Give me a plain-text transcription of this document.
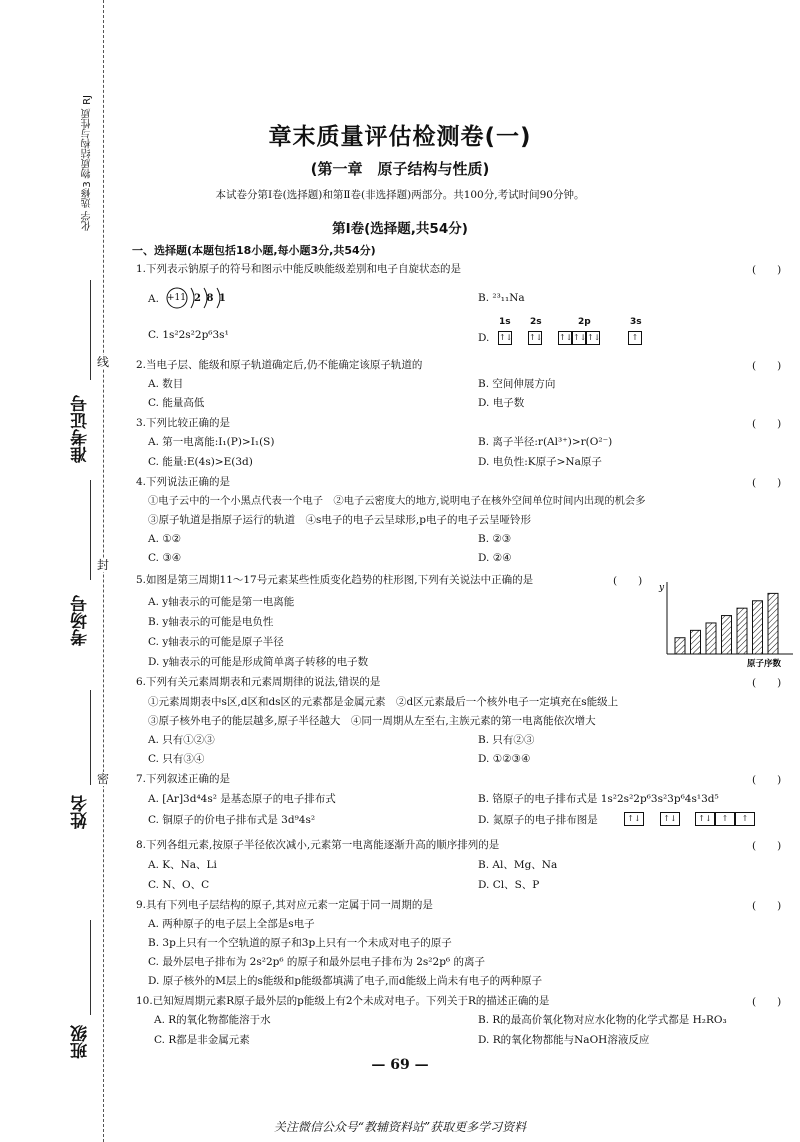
化学 选修3 物质结构与性质 RJ
班级
姓名
考场号
准考证号
线
封
密
章末质量评估检测卷(一)
(第一章　原子结构与性质)
本试卷分第Ⅰ卷(选择题)和第Ⅱ卷(非选择题)两部分。共100分,考试时间90分钟。
第Ⅰ卷(选择题,共54分)
一、选择题(本题包括18小题,每小题3分,共54分)
1.下列表示钠原子的符号和图示中能反映能级差别和电子自旋状态的是	(　　)
A. +11 2 8 1	B. ²³₁₁Na
C. 1s²2s²2p⁶3s¹	D.
1s 2s	2p	3s
↑↓ ↑↓ ↑↓ ↑↓ ↑↓	↑
2.当电子层、能级和原子轨道确定后,仍不能确定该原子轨道的	(　　)
A. 数目	B. 空间伸展方向
C. 能量高低	D. 电子数
3.下列比较正确的是	(　　)
A. 第一电离能:I₁(P)>I₁(S)	B. 离子半径:r(Al³⁺)>r(O²⁻)
C. 能量:E(4s)>E(3d)	D. 电负性:K原子>Na原子
4.下列说法正确的是	(　　)
①电子云中的一个小黑点代表一个电子　②电子云密度大的地方,说明电子在核外空间单位时间内出现的机会多
③原子轨道是指原子运行的轨道　④s电子的电子云呈球形,p电子的电子云呈哑铃形
A. ①②	B. ②③
C. ③④	D. ②④
5.如图是第三周期11～17号元素某些性质变化趋势的柱形图,下列有关说法中正确的是	(　　)
A. y轴表示的可能是第一电离能
B. y轴表示的可能是电负性
C. y轴表示的可能是原子半径
D. y轴表示的可能是形成简单离子转移的电子数
y
原子序数
6.下列有关元素周期表和元素周期律的说法,错误的是	(　　)
①元素周期表中s区,d区和ds区的元素都是金属元素　②d区元素最后一个核外电子一定填充在s能级上
③原子核外电子的能层越多,原子半径越大　④同一周期从左至右,主族元素的第一电离能依次增大
A. 只有①②③	B. 只有②③
C. 只有③④	D. ①②③④
7.下列叙述正确的是	(　　)
A. [Ar]3d⁴4s² 是基态原子的电子排布式	B. 铬原子的电子排布式是 1s²2s²2p⁶3s²3p⁶4s¹3d⁵
C. 铜原子的价电子排布式是 3d⁹4s²	D. 氮原子的电子排布图是	↑↓	↑↓	↑↓	↑	↑
8.下列各组元素,按原子半径依次减小,元素第一电离能逐渐升高的顺序排列的是	(　　)
A. K、Na、Li	B. Al、Mg、Na
C. N、O、C	D. Cl、S、P
9.具有下列电子层结构的原子,其对应元素一定属于同一周期的是	(　　)
A. 两种原子的电子层上全部是s电子
B. 3p上只有一个空轨道的原子和3p上只有一个未成对电子的原子
C. 最外层电子排布为 2s²2p⁶ 的原子和最外层电子排布为 2s²2p⁶ 的离子
D. 原子核外的M层上的s能级和p能级都填满了电子,而d能级上尚未有电子的两种原子
10.已知短周期元素R原子最外层的p能级上有2个未成对电子。下列关于R的描述正确的是	(　　)
A. R的氧化物都能溶于水	B. R的最高价氧化物对应水化物的化学式都是 H₂RO₃
C. R都是非金属元素	D. R的氧化物都能与NaOH溶液反应
— 69 —
关注微信公众号“教辅资料站”获取更多学习资料
